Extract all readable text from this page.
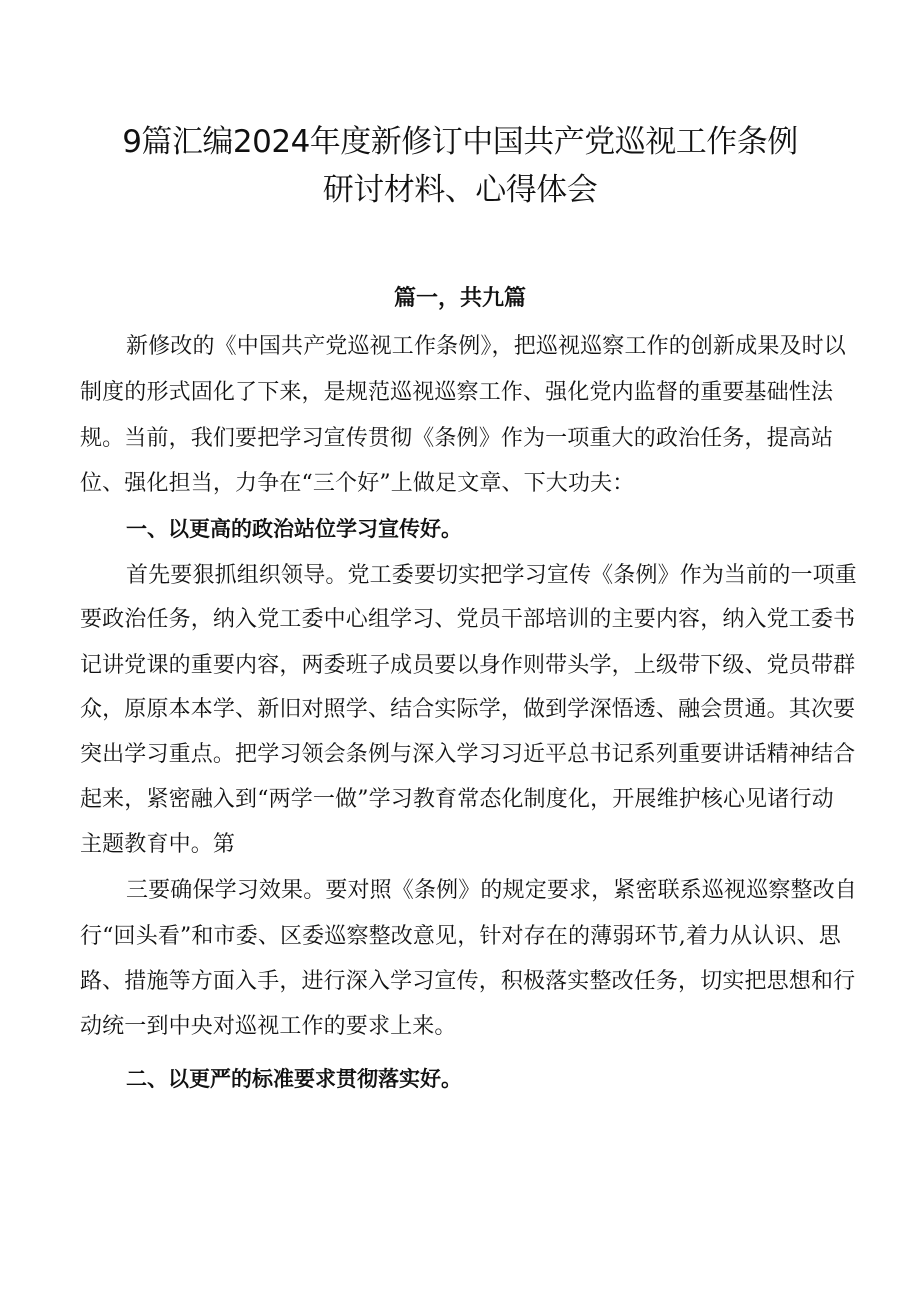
9篇汇编2024年度新修订中国共产党巡视工作条例
研讨材料、心得体会
篇一，共九篇
新修改的《中国共产党巡视工作条例》，把巡视巡察工作的创新成果及时以
制度的形式固化了下来，是规范巡视巡察工作、强化党内监督的重要基础性法
规。当前，我们要把学习宣传贯彻《条例》作为一项重大的政治任务，提高站
位、强化担当，力争在“三个好”上做足文章、下大功夫：
一、以更高的政治站位学习宣传好。
首先要狠抓组织领导。党工委要切实把学习宣传《条例》作为当前的一项重
要政治任务，纳入党工委中心组学习、党员干部培训的主要内容，纳入党工委书
记讲党课的重要内容，两委班子成员要以身作则带头学，上级带下级、党员带群
众，原原本本学、新旧对照学、结合实际学，做到学深悟透、融会贯通。其次要
突出学习重点。把学习领会条例与深入学习习近平总书记系列重要讲话精神结合
起来，紧密融入到“两学一做”学习教育常态化制度化，开展维护核心见诸行动
主题教育中。第
三要确保学习效果。要对照《条例》的规定要求，紧密联系巡视巡察整改自
行“回头看”和市委、区委巡察整改意见，针对存在的薄弱环节,着力从认识、思
路、措施等方面入手，进行深入学习宣传，积极落实整改任务，切实把思想和行
动统一到中央对巡视工作的要求上来。
二、以更严的标准要求贯彻落实好。
